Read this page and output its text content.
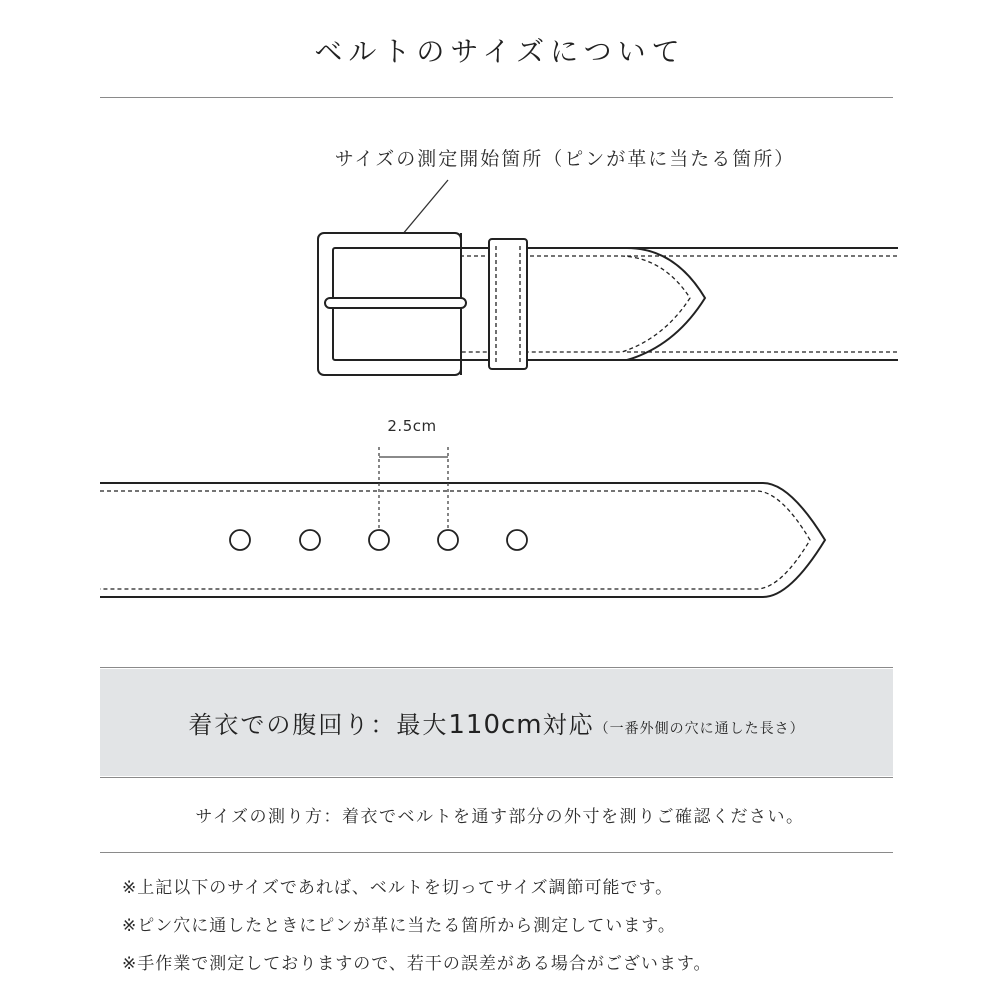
ベルトのサイズについて
サイズの測定開始箇所（ピンが革に当たる箇所）
2.5cm
着衣での腹回り：最大110cm対応（一番外側の穴に通した長さ）
サイズの測り方：着衣でベルトを通す部分の外寸を測りご確認ください。
※上記以下のサイズであれば、ベルトを切ってサイズ調節可能です。
※ピン穴に通したときにピンが革に当たる箇所から測定しています。
※手作業で測定しておりますので、若干の誤差がある場合がございます。
